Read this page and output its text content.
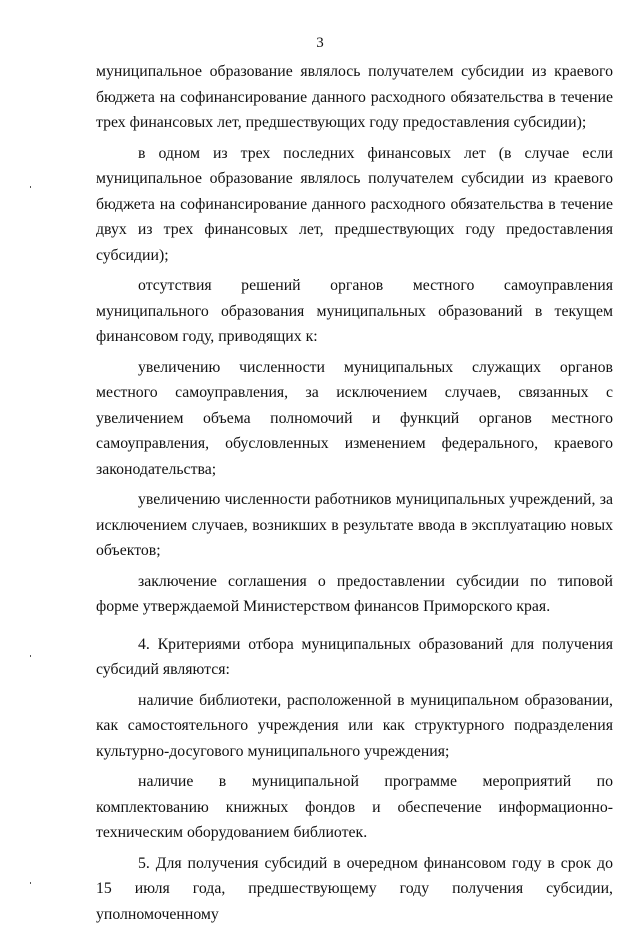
3

муниципальное образование являлось получателем субсидии из краевого бюджета на софинансирование данного расходного обязательства в течение трех финансовых лет, предшествующих году предоставления субсидии);

в одном из трех последних финансовых лет (в случае если муниципальное образование являлось получателем субсидии из краевого бюджета на софинансирование данного расходного обязательства в течение двух из трех финансовых лет, предшествующих году предоставления субсидии);

отсутствия решений органов местного самоуправления муниципального образования муниципальных образований в текущем финансовом году, приводящих к:

увеличению численности муниципальных служащих органов местного самоуправления, за исключением случаев, связанных с увеличением объема полномочий и функций органов местного самоуправления, обусловленных изменением федерального, краевого законодательства;

увеличению численности работников муниципальных учреждений, за исключением случаев, возникших в результате ввода в эксплуатацию новых объектов;

заключение соглашения о предоставлении субсидии по типовой форме утверждаемой Министерством финансов Приморского края.

4. Критериями отбора муниципальных образований для получения субсидий являются:

наличие библиотеки, расположенной в муниципальном образовании, как самостоятельного учреждения или как структурного подразделения культурно-досугового муниципального учреждения;

наличие в муниципальной программе мероприятий по комплектованию книжных фондов и обеспечение информационно-техническим оборудованием библиотек.

5. Для получения субсидий в очередном финансовом году в срок до 15 июля года, предшествующему году получения субсидии, уполномоченному
